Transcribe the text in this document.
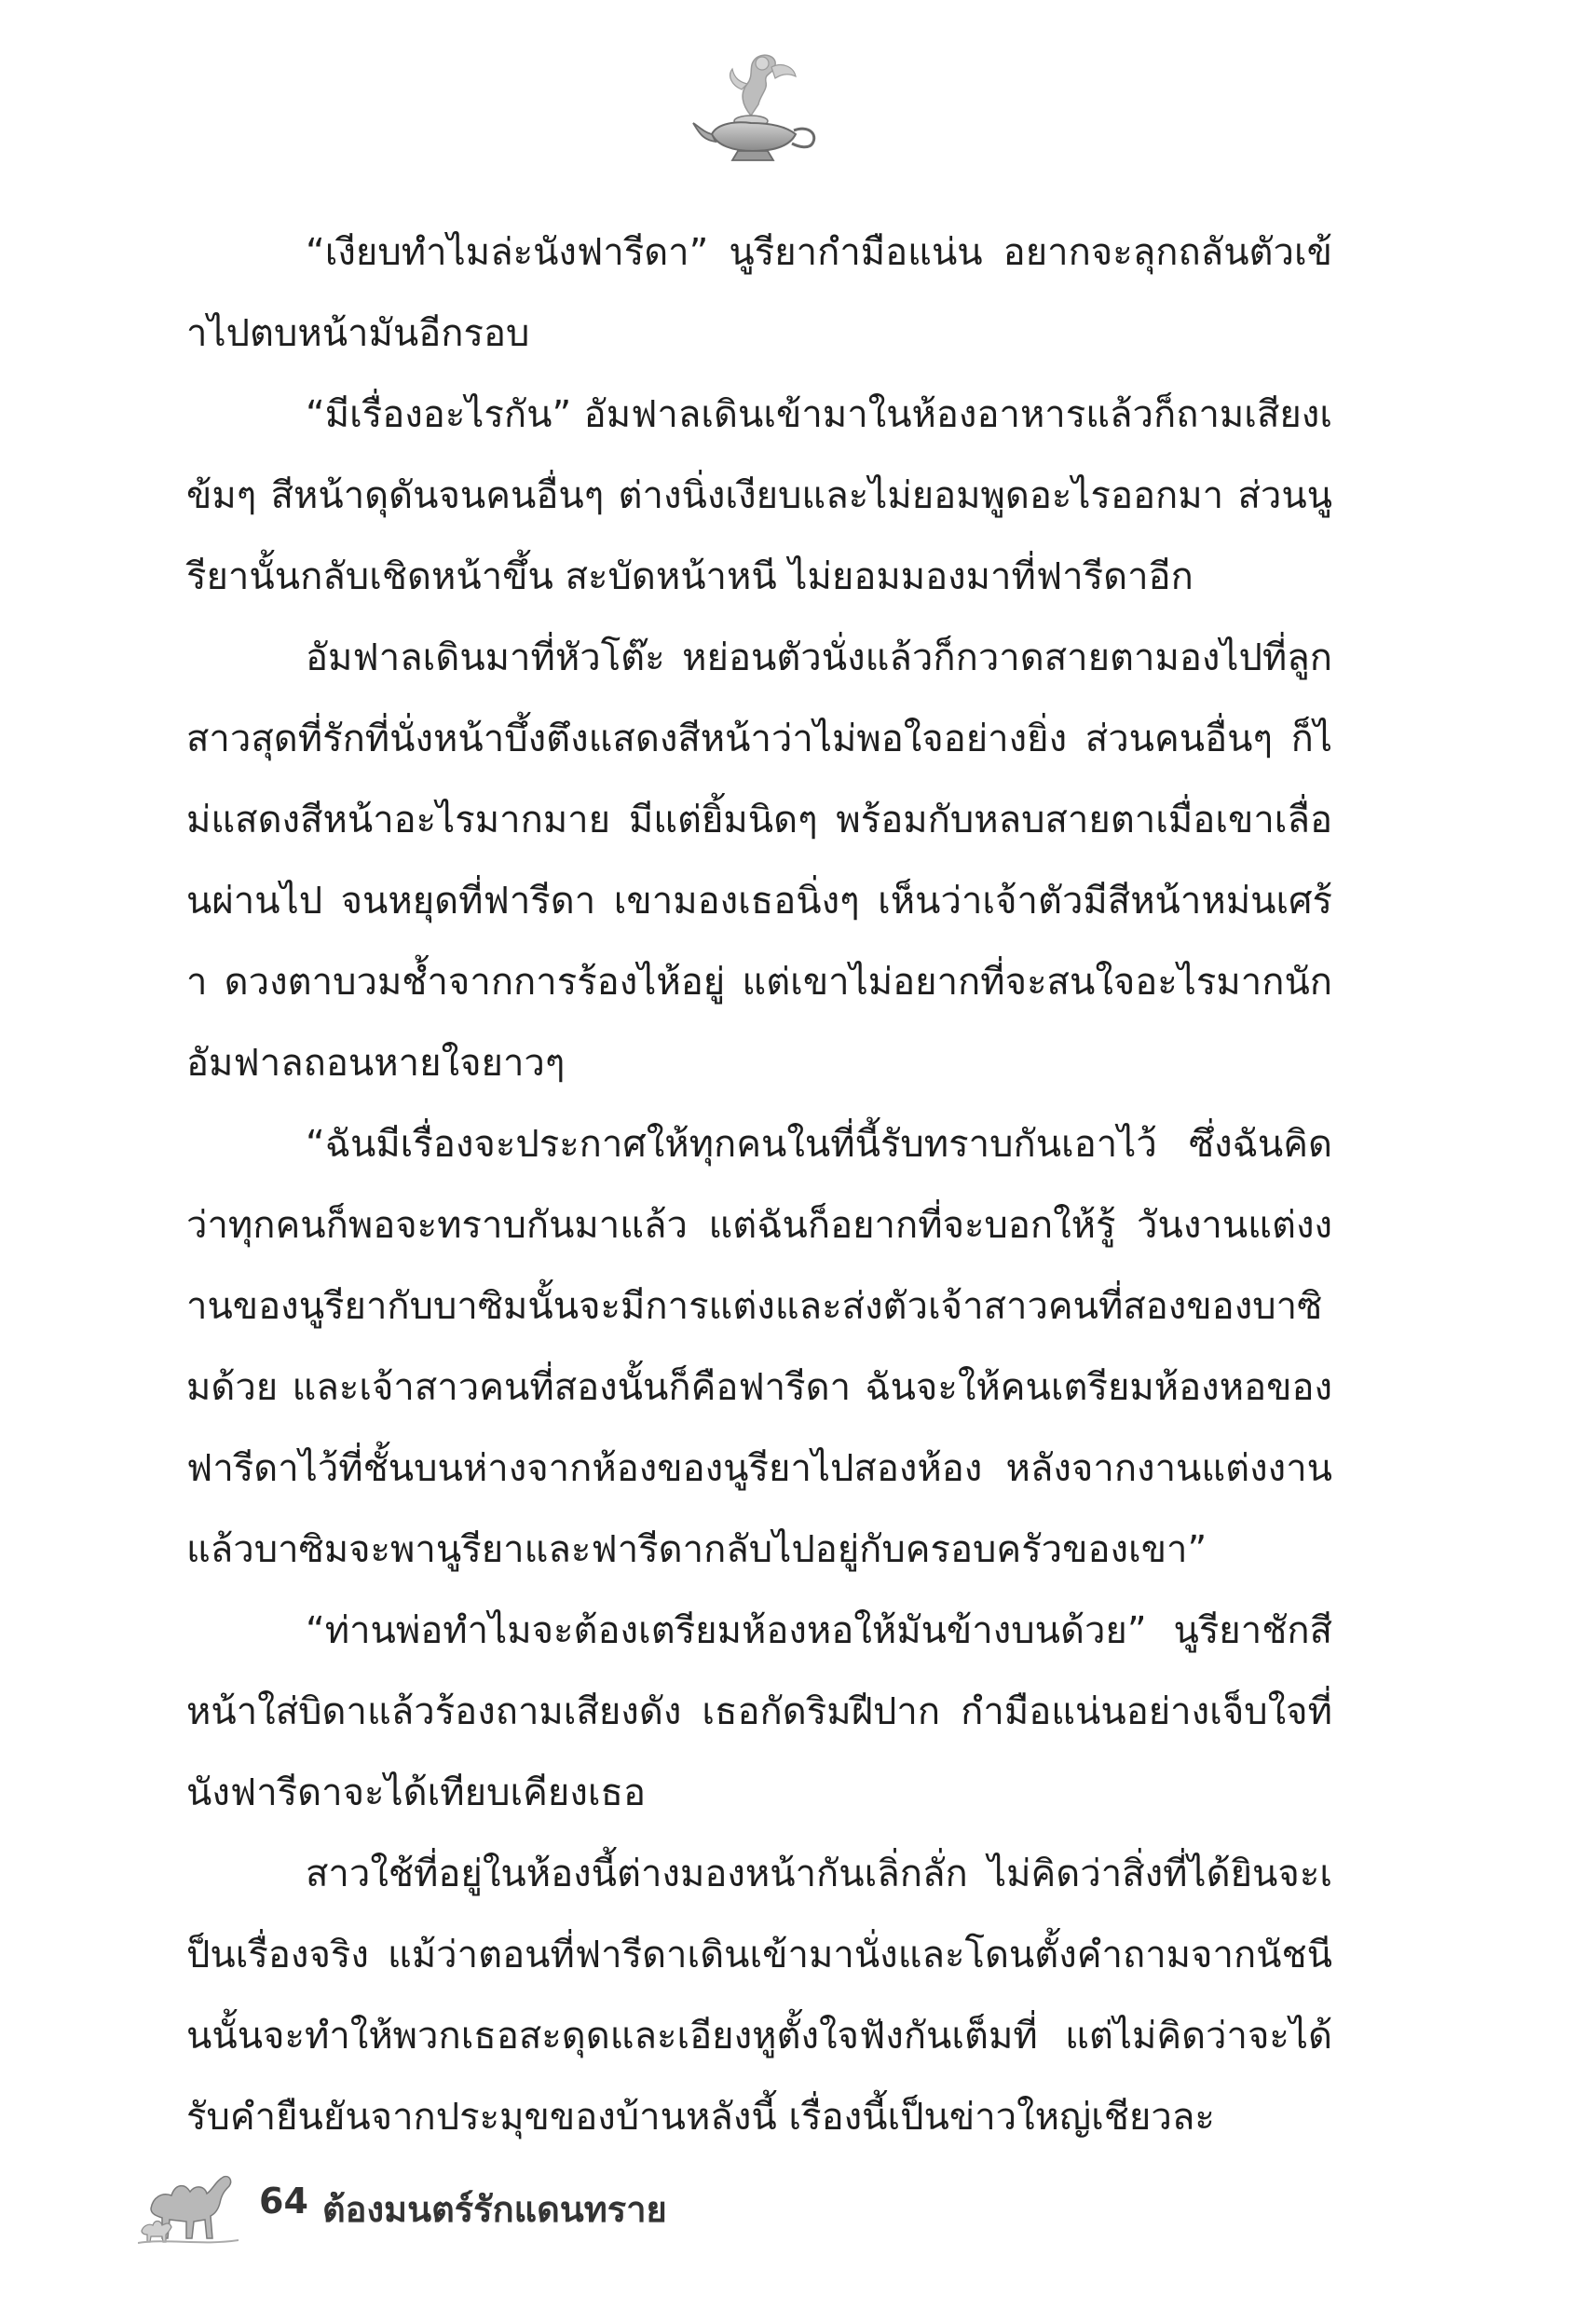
“เงียบทำไมล่ะนังฟารีดา” นูรียากำมือแน่น อยากจะลุกถลันตัวเข้าไปตบหน้ามันอีกรอบ

“มีเรื่องอะไรกัน” อัมฟาลเดินเข้ามาในห้องอาหารแล้วก็ถามเสียงเข้มๆ สีหน้าดุดันจนคนอื่นๆ ต่างนิ่งเงียบและไม่ยอมพูดอะไรออกมา ส่วนนูรียานั้นกลับเชิดหน้าขึ้น สะบัดหน้าหนี ไม่ยอมมองมาที่ฟารีดาอีก

อัมฟาลเดินมาที่หัวโต๊ะ หย่อนตัวนั่งแล้วก็กวาดสายตามองไปที่ลูกสาวสุดที่รักที่นั่งหน้าบึ้งตึงแสดงสีหน้าว่าไม่พอใจอย่างยิ่ง ส่วนคนอื่นๆ ก็ไม่แสดงสีหน้าอะไรมากมาย มีแต่ยิ้มนิดๆ พร้อมกับหลบสายตาเมื่อเขาเลื่อนผ่านไป จนหยุดที่ฟารีดา เขามองเธอนิ่งๆ เห็นว่าเจ้าตัวมีสีหน้าหม่นเศร้า ดวงตาบวมช้ำจากการร้องไห้อยู่ แต่เขาไม่อยากที่จะสนใจอะไรมากนัก อัมฟาลถอนหายใจยาวๆ

“ฉันมีเรื่องจะประกาศให้ทุกคนในที่นี้รับทราบกันเอาไว้ ซึ่งฉันคิดว่าทุกคนก็พอจะทราบกันมาแล้ว แต่ฉันก็อยากที่จะบอกให้รู้ วันงานแต่งงานของนูรียากับบาซิมนั้นจะมีการแต่งและส่งตัวเจ้าสาวคนที่สองของบาซิมด้วย และเจ้าสาวคนที่สองนั้นก็คือฟารีดา ฉันจะให้คนเตรียมห้องหอของฟารีดาไว้ที่ชั้นบนห่างจากห้องของนูรียาไปสองห้อง หลังจากงานแต่งงานแล้วบาซิมจะพานูรียาและฟารีดากลับไปอยู่กับครอบครัวของเขา”

“ท่านพ่อทำไมจะต้องเตรียมห้องหอให้มันข้างบนด้วย” นูรียาชักสีหน้าใส่บิดาแล้วร้องถามเสียงดัง เธอกัดริมฝีปาก กำมือแน่นอย่างเจ็บใจที่นังฟารีดาจะได้เทียบเคียงเธอ

สาวใช้ที่อยู่ในห้องนี้ต่างมองหน้ากันเลิ่กลั่ก ไม่คิดว่าสิ่งที่ได้ยินจะเป็นเรื่องจริง แม้ว่าตอนที่ฟารีดาเดินเข้ามานั่งและโดนตั้งคำถามจากนัชนีนนั้นจะทำให้พวกเธอสะดุดและเอียงหูตั้งใจฟังกันเต็มที่ แต่ไม่คิดว่าจะได้รับคำยืนยันจากประมุขของบ้านหลังนี้ เรื่องนี้เป็นข่าวใหญ่เชียวละ

64 ต้องมนตร์รักแดนทราย
